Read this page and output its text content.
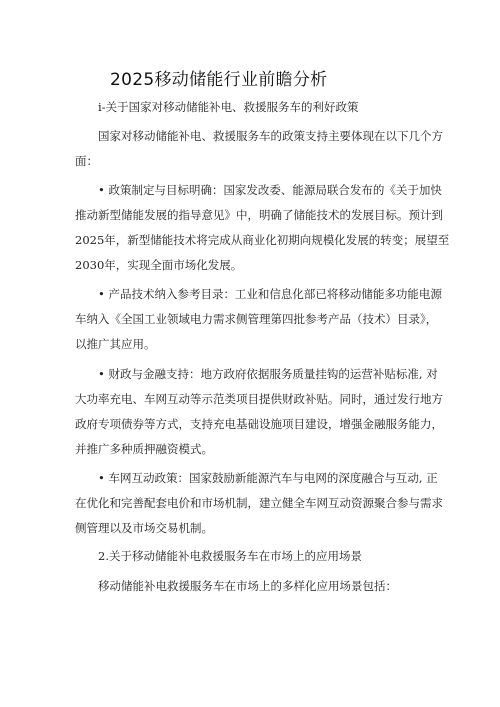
2025移动储能行业前瞻分析
i-关于国家对移动储能补电、救援服务车的利好政策
国家对移动储能补电、救援服务车的政策支持主要体现在以下几个方
面：
• 政策制定与目标明确：国家发改委、能源局联合发布的《关于加快
推动新型储能发展的指导意见》中，明确了储能技术的发展目标。预计到
2025年，新型储能技术将完成从商业化初期向规模化发展的转变；展望至
2030年，实现全面市场化发展。
• 产品技术纳入参考目录：工业和信息化部已将移动储能多功能电源
车纳入《全国工业领域电力需求侧管理第四批参考产品（技术）目录》，
以推广其应用。
• 财政与金融支持：地方政府依据服务质量挂钩的运营补贴标准, 对
大功率充电、车网互动等示范类项目提供财政补贴。同时，通过发行地方
政府专项债券等方式，支持充电基础设施项目建设，增强金融服务能力，
并推广多种质押融资模式。
• 车网互动政策：国家鼓励新能源汽车与电网的深度融合与互动, 正
在优化和完善配套电价和市场机制，建立健全车网互动资源聚合参与需求
侧管理以及市场交易机制。
2.关于移动储能补电救援服务车在市场上的应用场景
移动储能补电救援服务车在市场上的多样化应用场景包括：
